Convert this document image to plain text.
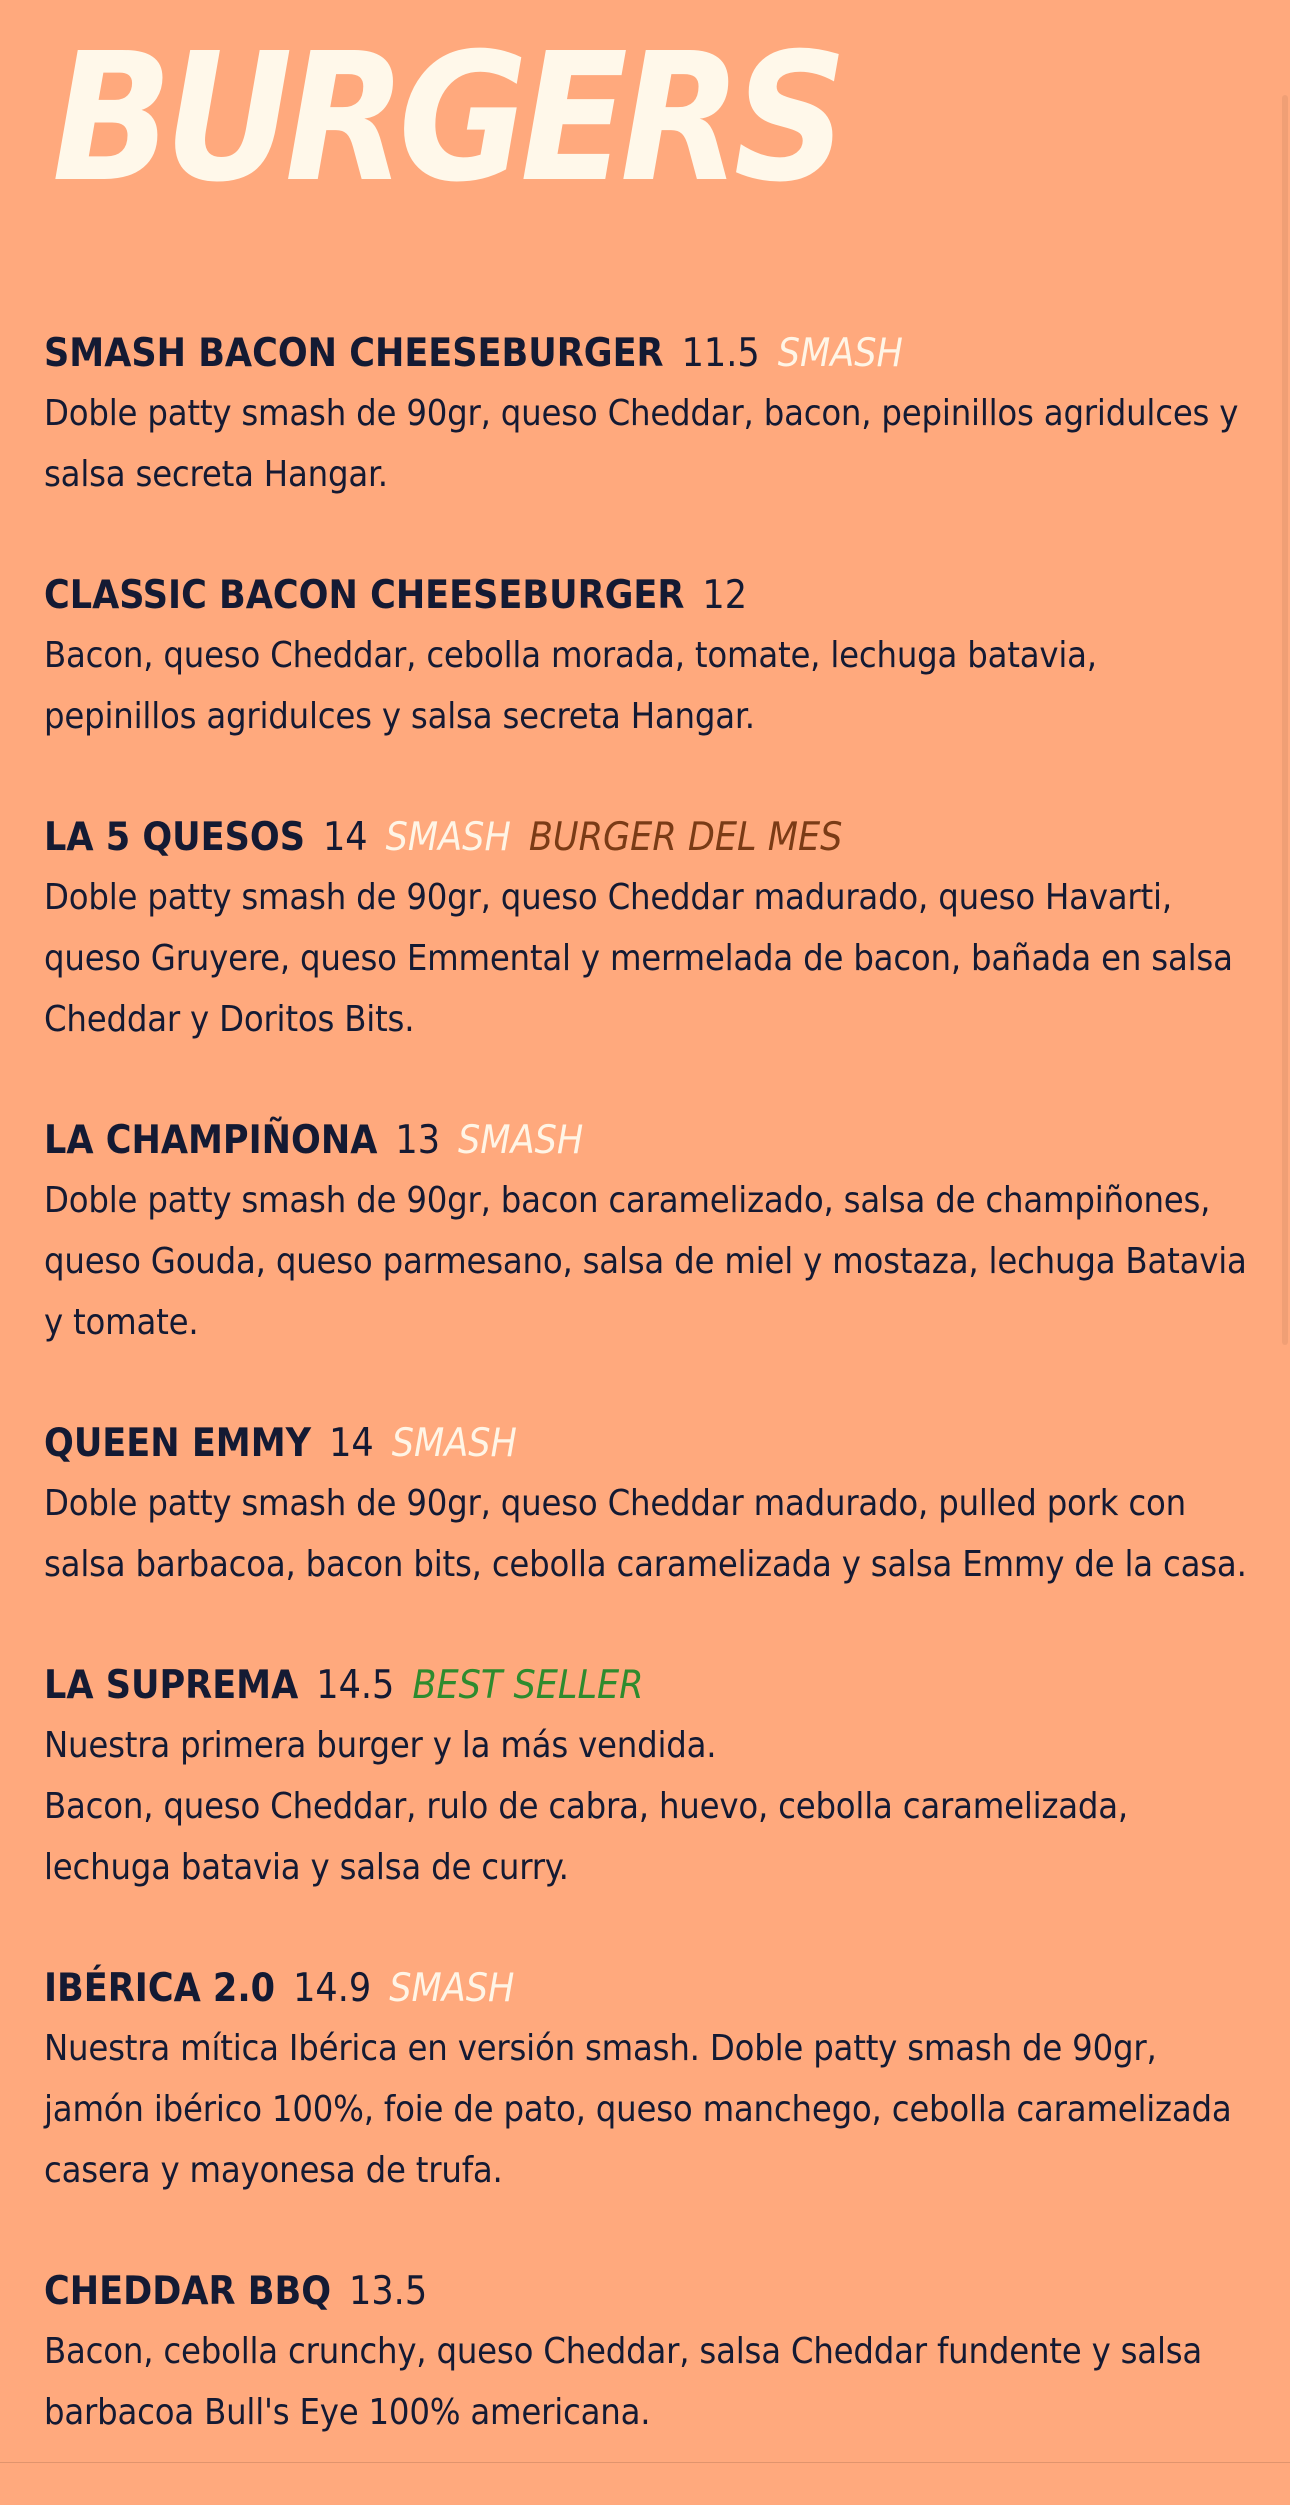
BURGERS
SMASH BACON CHEESEBURGER 11.5 SMASH

Doble patty smash de 90gr, queso Cheddar, bacon, pepinillos agridulces y salsa secreta Hangar.

CLASSIC BACON CHEESEBURGER 12

Bacon, queso Cheddar, cebolla morada, tomate, lechuga batavia, pepinillos agridulces y salsa secreta Hangar.

LA 5 QUESOS 14 SMASH BURGER DEL MES

Doble patty smash de 90gr, queso Cheddar madurado, queso Havarti, queso Gruyere, queso Emmental y mermelada de bacon, bañada en salsa Cheddar y Doritos Bits.

LA CHAMPIÑONA 13 SMASH

Doble patty smash de 90gr, bacon caramelizado, salsa de champiñones, queso Gouda, queso parmesano, salsa de miel y mostaza, lechuga Batavia y tomate.

QUEEN EMMY 14 SMASH

Doble patty smash de 90gr, queso Cheddar madurado, pulled pork con salsa barbacoa, bacon bits, cebolla caramelizada y salsa Emmy de la casa.

LA SUPREMA 14.5 BEST SELLER

Nuestra primera burger y la más vendida.

Bacon, queso Cheddar, rulo de cabra, huevo, cebolla caramelizada, lechuga batavia y salsa de curry.

IBÉRICA 2.0 14.9 SMASH

Nuestra mítica Ibérica en versión smash. Doble patty smash de 90gr, jamón ibérico 100%, foie de pato, queso manchego, cebolla caramelizada casera y mayonesa de trufa.

CHEDDAR BBQ 13.5

Bacon, cebolla crunchy, queso Cheddar, salsa Cheddar fundente y salsa barbacoa Bull's Eye 100% americana.
